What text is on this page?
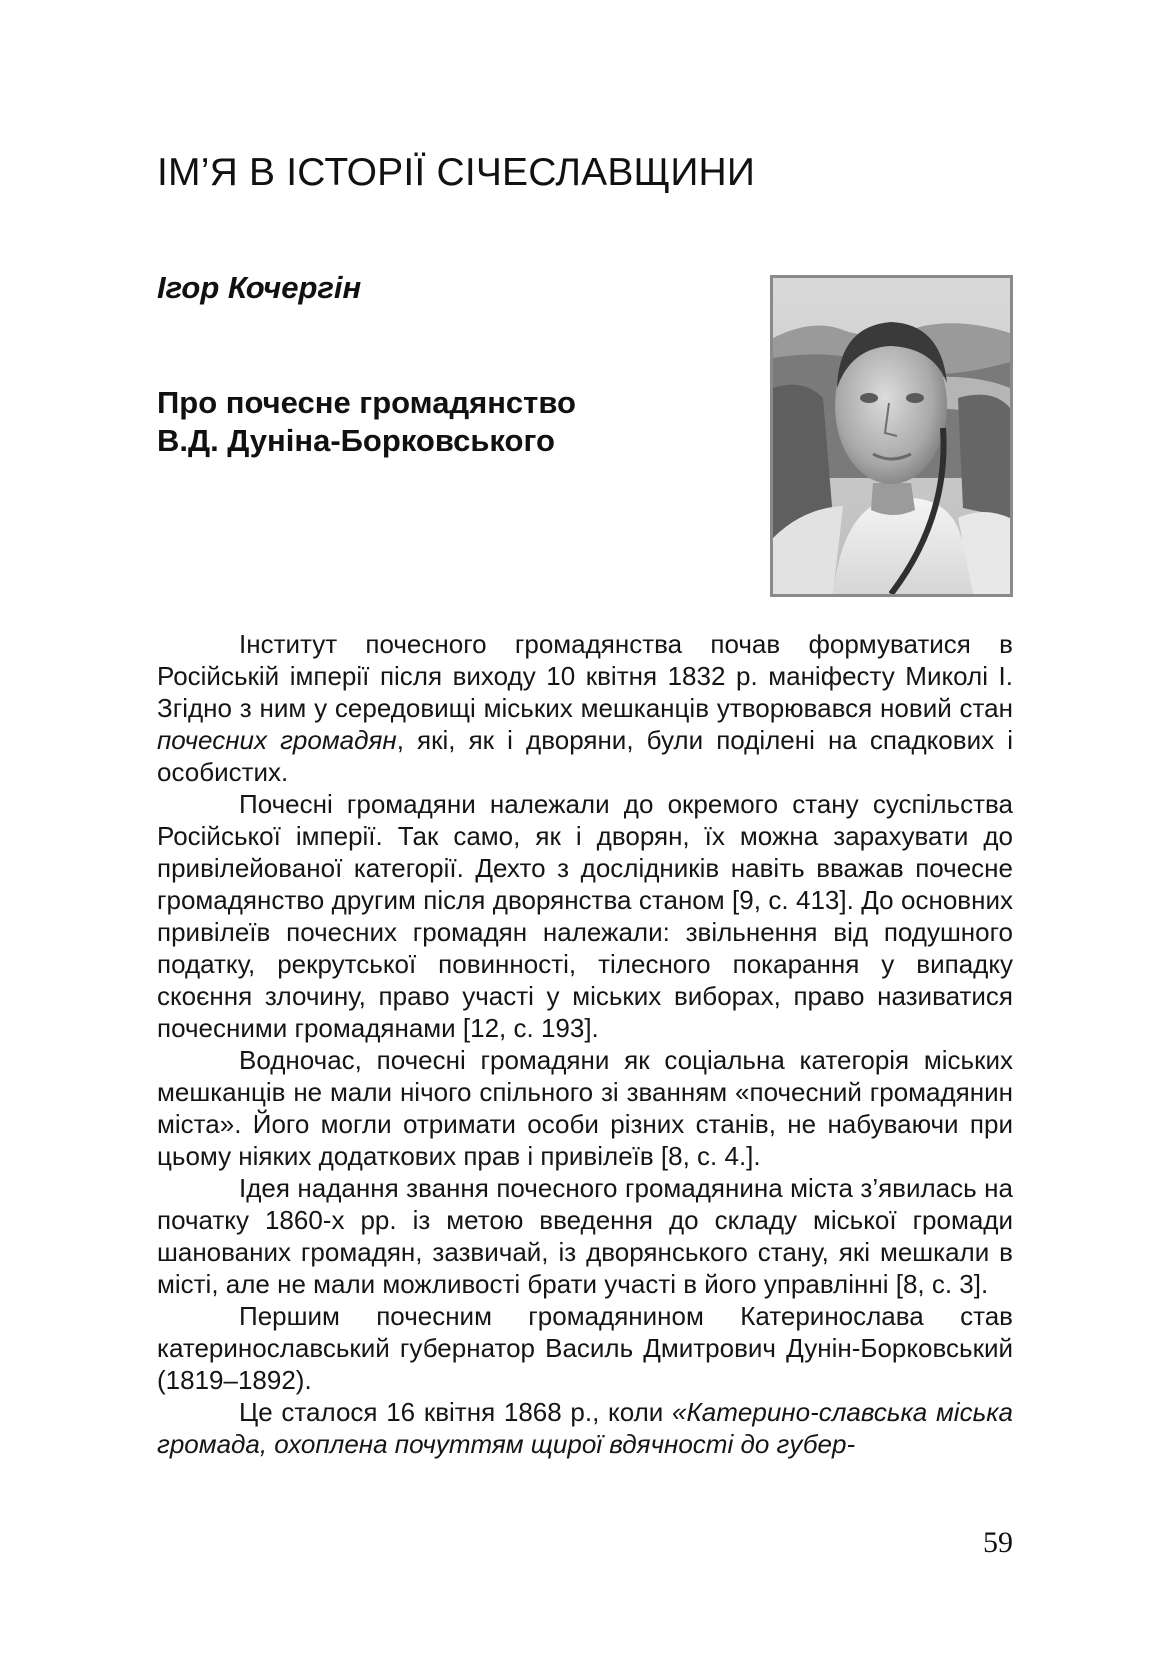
ІМ’Я В ІСТОРІЇ СІЧЕСЛАВЩИНИ
Ігор Кочергін
Про почесне громадянство
В.Д. Дуніна-Борковського

Інститут почесного громадянства почав формуватися в Російській імперії після виходу 10 квітня 1832 р. маніфесту Миколі І. Згідно з ним у середовищі міських мешканців утворювався новий стан почесних громадян, які, як і дворяни, були поділені на спадкових і особистих.

Почесні громадяни належали до окремого стану суспільства Російської імперії. Так само, як і дворян, їх можна зарахувати до привілейованої категорії. Дехто з дослідників навіть вважав почесне громадянство другим після дворянства станом [9, с. 413]. До основних привілеїв почесних громадян належали: звільнення від подушного податку, рекрутської повинності, тілесного покарання у випадку скоєння злочину, право участі у міських виборах, право називатися почесними громадянами [12, с. 193].

Водночас, почесні громадяни як соціальна категорія міських мешканців не мали нічого спільного зі званням «почесний громадянин міста». Його могли отримати особи різних станів, не набуваючи при цьому ніяких додаткових прав і привілеїв [8, с. 4.].

Ідея надання звання почесного громадянина міста з’явилась на початку 1860-х рр. із метою введення до складу міської громади шанованих громадян, зазвичай, із дворянського стану, які мешкали в місті, але не мали можливості брати участі в його управлінні [8, с. 3].

Першим почесним громадянином Катеринослава став катеринославський губернатор Василь Дмитрович Дунін-Борковський (1819–1892).

Це сталося 16 квітня 1868 р., коли «Катерино-славська міська громада, охоплена почуттям щирої вдячності до губер-

59
